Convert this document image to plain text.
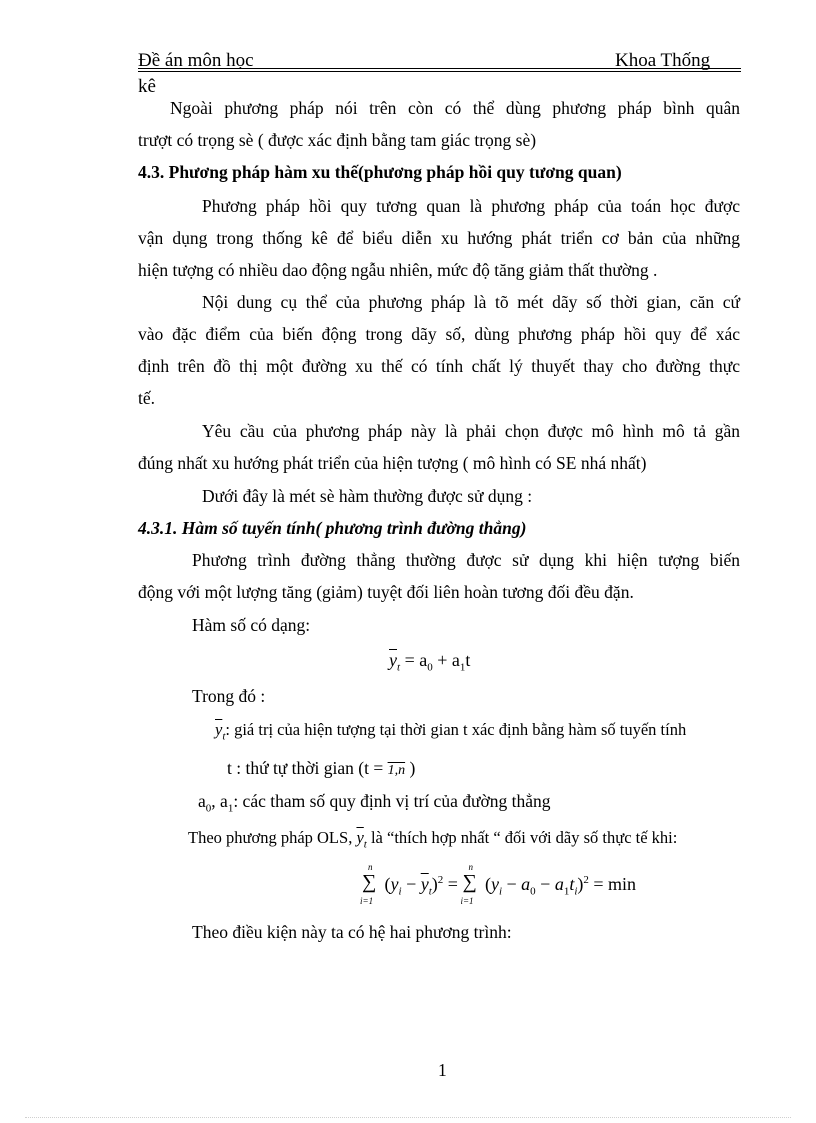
Đề án môn học	Khoa Thống
kê
Ngoài phương pháp nói trên còn có thể dùng phương pháp bình quân
trượt có trọng sè ( được xác định bằng tam giác trọng sè)
4.3. Phương pháp hàm xu thế(phương pháp hồi quy tương quan)
Phương pháp hồi quy tương quan là phương pháp của toán học được
vận dụng trong thống kê để biểu diễn xu hướng phát triển cơ bản của những
hiện tượng có nhiều dao động ngẫu nhiên, mức độ tăng giảm thất thường .
Nội dung cụ thể của phương pháp là tõ mét dãy số thời gian, căn cứ
vào đặc điểm của biến động trong dãy số, dùng phương pháp hồi quy để xác
định trên đồ thị một đường xu thế có tính chất lý thuyết thay cho đường thực
tế.
Yêu cầu của phương pháp này là phải chọn được mô hình mô tả gần
đúng nhất xu hướng phát triển của hiện tượng ( mô hình có SE nhá nhất)
Dưới đây là mét sè hàm thường được sử dụng :
4.3.1. Hàm số tuyến tính( phương trình đường thẳng)
Phương trình đường thẳng thường được sử dụng khi hiện tượng biến
động với một lượng tăng (giảm) tuyệt đối liên hoàn tương đối đều đặn.
Hàm số có dạng:
$\overline{y}_t = a_0 + a_1t$
Trong đó :
$\overline{y}_t$: giá trị của hiện tượng tại thời gian t xác định bằng hàm số tuyến tính
t : thứ tự thời gian (t = 1,n )
$a_0$, $a_1$: các tham số quy định vị trí của đường thẳng
Theo phương pháp OLS, $\overline{y}_t$ là “thích hợp nhất “ đối với dãy số thực tế khi:
n
∑
i=1
$(y_i - \overline{y}_t)^2$ =
n
∑
i=1
$(y_i - a_0 - a_1t_i)^2 = \min$
Theo điều kiện này ta có hệ hai phương trình:
1
